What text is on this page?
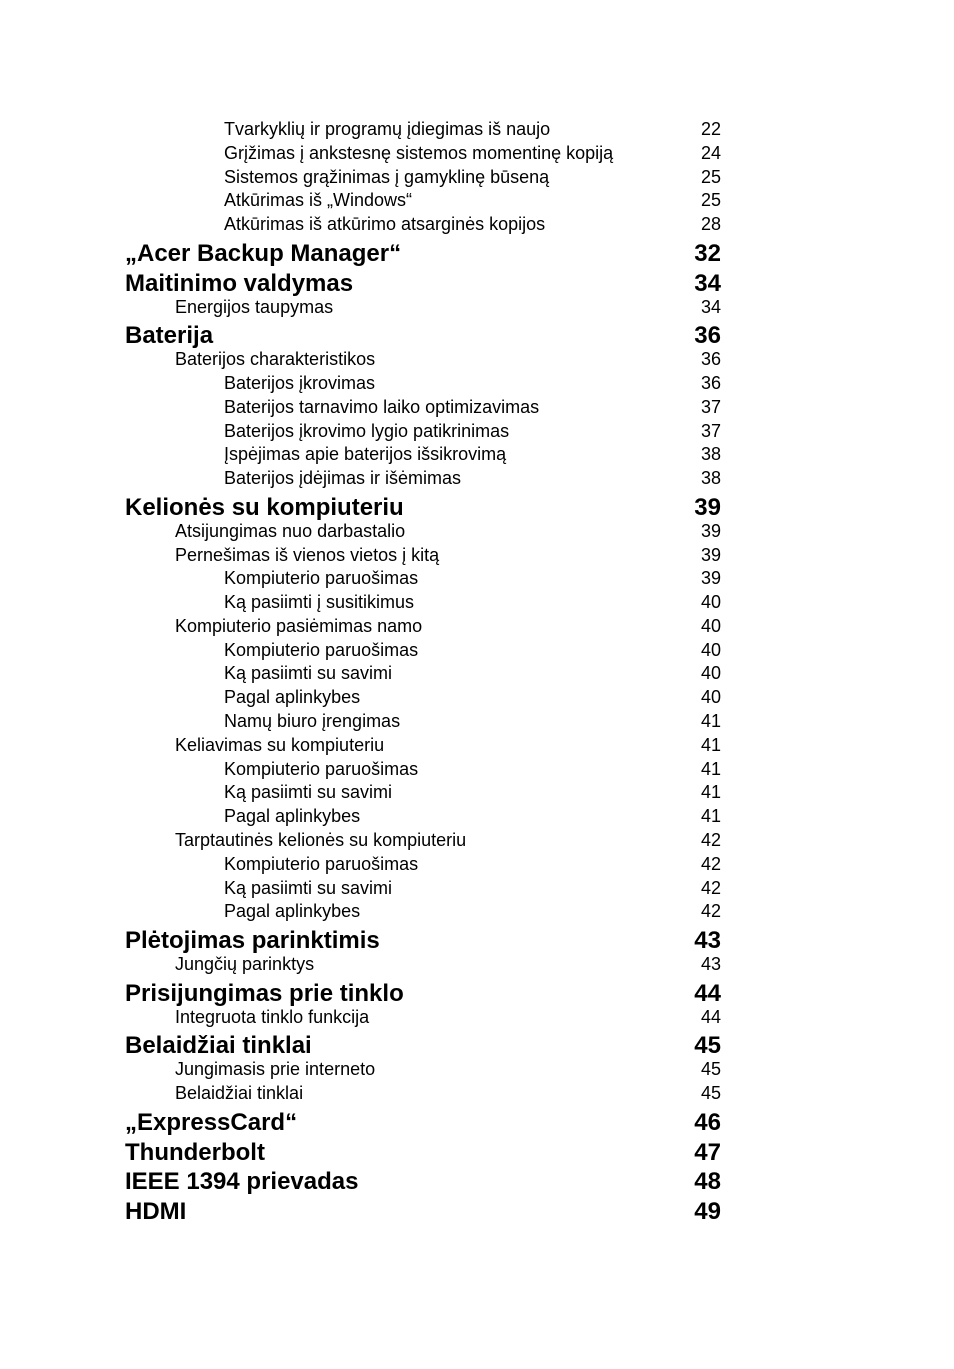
Tvarkyklių ir programų įdiegimas iš naujo	22
Grįžimas į ankstesnę sistemos momentinę kopiją	24
Sistemos grąžinimas į gamyklinę būseną	25
Atkūrimas iš „Windows“	25
Atkūrimas iš atkūrimo atsarginės kopijos	28
„Acer Backup Manager“	32
Maitinimo valdymas	34
Energijos taupymas	34
Baterija	36
Baterijos charakteristikos	36
Baterijos įkrovimas	36
Baterijos tarnavimo laiko optimizavimas	37
Baterijos įkrovimo lygio patikrinimas	37
Įspėjimas apie baterijos išsikrovimą	38
Baterijos įdėjimas ir išėmimas	38
Kelionės su kompiuteriu	39
Atsijungimas nuo darbastalio	39
Pernešimas iš vienos vietos į kitą	39
Kompiuterio paruošimas	39
Ką pasiimti į susitikimus	40
Kompiuterio pasiėmimas namo	40
Kompiuterio paruošimas	40
Ką pasiimti su savimi	40
Pagal aplinkybes	40
Namų biuro įrengimas	41
Keliavimas su kompiuteriu	41
Kompiuterio paruošimas	41
Ką pasiimti su savimi	41
Pagal aplinkybes	41
Tarptautinės kelionės su kompiuteriu	42
Kompiuterio paruošimas	42
Ką pasiimti su savimi	42
Pagal aplinkybes	42
Plėtojimas parinktimis	43
Jungčių parinktys	43
Prisijungimas prie tinklo	44
Integruota tinklo funkcija	44
Belaidžiai tinklai	45
Jungimasis prie interneto	45
Belaidžiai tinklai	45
„ExpressCard“	46
Thunderbolt	47
IEEE 1394 prievadas	48
HDMI	49
